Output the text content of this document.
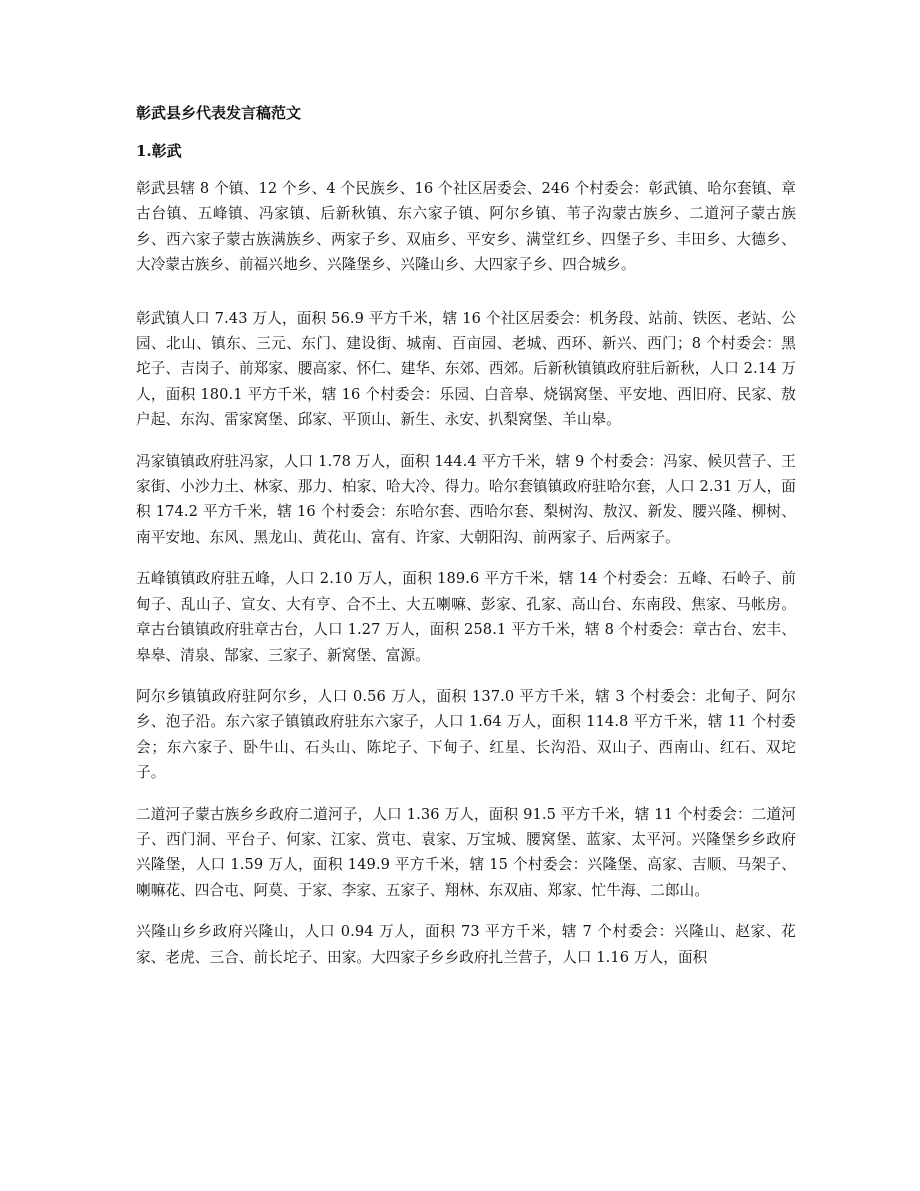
彰武县乡代表发言稿范文
1.彰武

彰武县辖 8 个镇、12 个乡、4 个民族乡、16 个社区居委会、246 个村委会：彰武镇、哈尔套镇、章古台镇、五峰镇、冯家镇、后新秋镇、东六家子镇、阿尔乡镇、苇子沟蒙古族乡、二道河子蒙古族乡、西六家子蒙古族满族乡、两家子乡、双庙乡、平安乡、满堂红乡、四堡子乡、丰田乡、大德乡、大冷蒙古族乡、前福兴地乡、兴隆堡乡、兴隆山乡、大四家子乡、四合城乡。

彰武镇人口 7.43 万人，面积 56.9 平方千米，辖 16 个社区居委会：机务段、站前、铁医、老站、公园、北山、镇东、三元、东门、建设街、城南、百亩园、老城、西环、新兴、西门；8 个村委会：黑坨子、吉岗子、前郑家、腰高家、怀仁、建华、东郊、西郊。后新秋镇镇政府驻后新秋，人口 2.14 万人，面积 180.1 平方千米，辖 16 个村委会：乐园、白音皋、烧锅窝堡、平安地、西旧府、民家、敖户起、东沟、雷家窝堡、邱家、平顶山、新生、永安、扒梨窝堡、羊山皋。

冯家镇镇政府驻冯家，人口 1.78 万人，面积 144.4 平方千米，辖 9 个村委会：冯家、候贝营子、王家街、小沙力土、林家、那力、柏家、哈大冷、得力。哈尔套镇镇政府驻哈尔套，人口 2.31 万人，面积 174.2 平方千米，辖 16 个村委会：东哈尔套、西哈尔套、梨树沟、敖汉、新发、腰兴隆、柳树、南平安地、东风、黑龙山、黄花山、富有、许家、大朝阳沟、前两家子、后两家子。

五峰镇镇政府驻五峰，人口 2.10 万人，面积 189.6 平方千米，辖 14 个村委会：五峰、石岭子、前甸子、乱山子、宣女、大有亨、合不土、大五喇嘛、彭家、孔家、高山台、东南段、焦家、马帐房。章古台镇镇政府驻章古台，人口 1.27 万人，面积 258.1 平方千米，辖 8 个村委会：章古台、宏丰、皋皋、清泉、郜家、三家子、新窝堡、富源。

阿尔乡镇镇政府驻阿尔乡，人口 0.56 万人，面积 137.0 平方千米，辖 3 个村委会：北甸子、阿尔乡、泡子沿。东六家子镇镇政府驻东六家子，人口 1.64 万人，面积 114.8 平方千米，辖 11 个村委会；东六家子、卧牛山、石头山、陈坨子、下甸子、红星、长沟沿、双山子、西南山、红石、双坨子。

二道河子蒙古族乡乡政府二道河子，人口 1.36 万人，面积 91.5 平方千米，辖 11 个村委会：二道河子、西门洞、平台子、何家、江家、赏屯、袁家、万宝城、腰窝堡、蓝家、太平河。兴隆堡乡乡政府兴隆堡，人口 1.59 万人，面积 149.9 平方千米，辖 15 个村委会：兴隆堡、高家、吉顺、马架子、喇嘛花、四合屯、阿莫、于家、李家、五家子、翔林、东双庙、郑家、忙牛海、二郎山。

兴隆山乡乡政府兴隆山，人口 0.94 万人，面积 73 平方千米，辖 7 个村委会：兴隆山、赵家、花家、老虎、三合、前长坨子、田家。大四家子乡乡政府扎兰营子，人口 1.16 万人，面积
